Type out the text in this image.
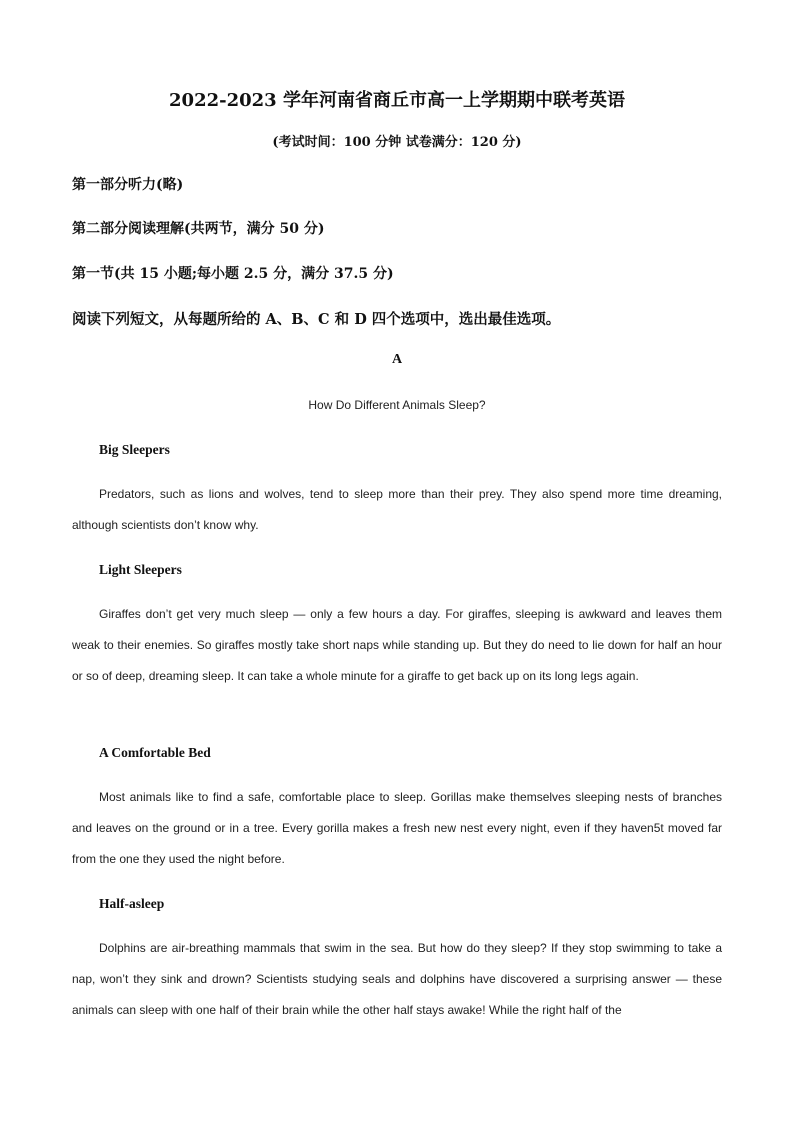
2022-2023 学年河南省商丘市高一上学期期中联考英语
(考试时间：100 分钟 试卷满分：120 分)
第一部分听力(略)
第二部分阅读理解(共两节，满分 50 分)
第一节(共 15 小题;每小题 2.5 分，满分 37.5 分)
阅读下列短文，从每题所给的 A、B、C 和 D 四个选项中，选出最佳选项。
A
How Do Different Animals Sleep?
Big Sleepers
Predators, such as lions and wolves, tend to sleep more than their prey. They also spend more time dreaming, although scientists don’t know why.
Light Sleepers
Giraffes don’t get very much sleep — only a few hours a day. For giraffes, sleeping is awkward and leaves them weak to their enemies. So giraffes mostly take short naps while standing up. But they do need to lie down for half an hour or so of deep, dreaming sleep. It can take a whole minute for a giraffe to get back up on its long legs again.
A Comfortable Bed
Most animals like to find a safe, comfortable place to sleep. Gorillas make themselves sleeping nests of branches and leaves on the ground or in a tree. Every gorilla makes a fresh new nest every night, even if they haven5t moved far from the one they used the night before.
Half-asleep
Dolphins are air-breathing mammals that swim in the sea. But how do they sleep? If they stop swimming to take a nap, won’t they sink and drown? Scientists studying seals and dolphins have discovered a surprising answer — these animals can sleep with one half of their brain while the other half stays awake! While the right half of the
